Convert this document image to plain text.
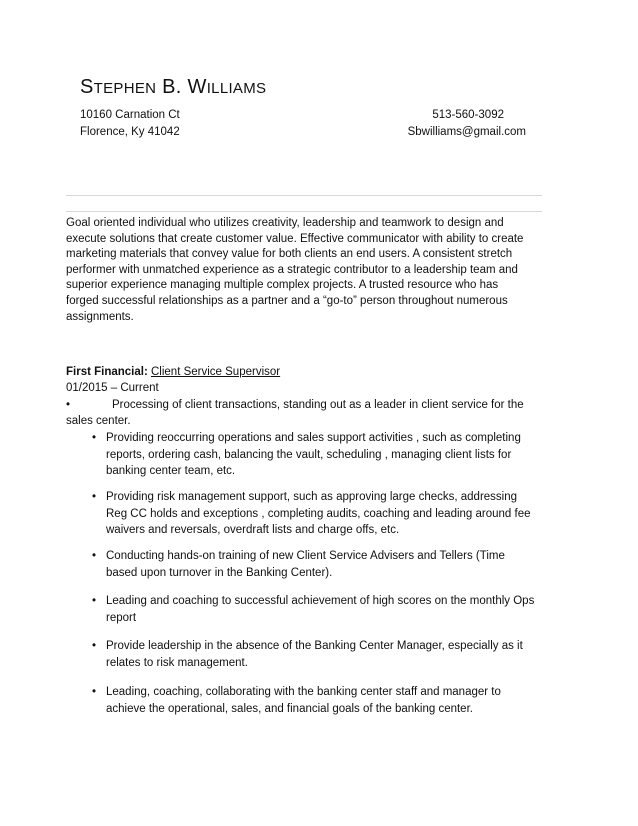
STEPHEN B. WILLIAMS
10160 Carnation Ct	513-560-3092
Florence, Ky 41042	Sbwilliams@gmail.com

Goal oriented individual who utilizes creativity, leadership and teamwork to design and
execute solutions that create customer value. Effective communicator with ability to create
marketing materials that convey value for both clients an end users. A consistent stretch
performer with unmatched experience as a strategic contributor to a leadership team and
superior experience managing multiple complex projects. A trusted resource who has
forged successful relationships as a partner and a “go-to” person throughout numerous
assignments.

First Financial: Client Service Supervisor
01/2015 – Current
•	Processing of client transactions, standing out as a leader in client service for the
sales center.
• Providing reoccurring operations and sales support activities , such as completing
reports, ordering cash, balancing the vault, scheduling , managing client lists for
banking center team, etc.
• Providing risk management support, such as approving large checks, addressing
Reg CC holds and exceptions , completing audits, coaching and leading around fee
waivers and reversals, overdraft lists and charge offs, etc.
• Conducting hands-on training of new Client Service Advisers and Tellers (Time
based upon turnover in the Banking Center).
• Leading and coaching to successful achievement of high scores on the monthly Ops
report
• Provide leadership in the absence of the Banking Center Manager, especially as it
relates to risk management.
• Leading, coaching, collaborating with the banking center staff and manager to
achieve the operational, sales, and financial goals of the banking center.
